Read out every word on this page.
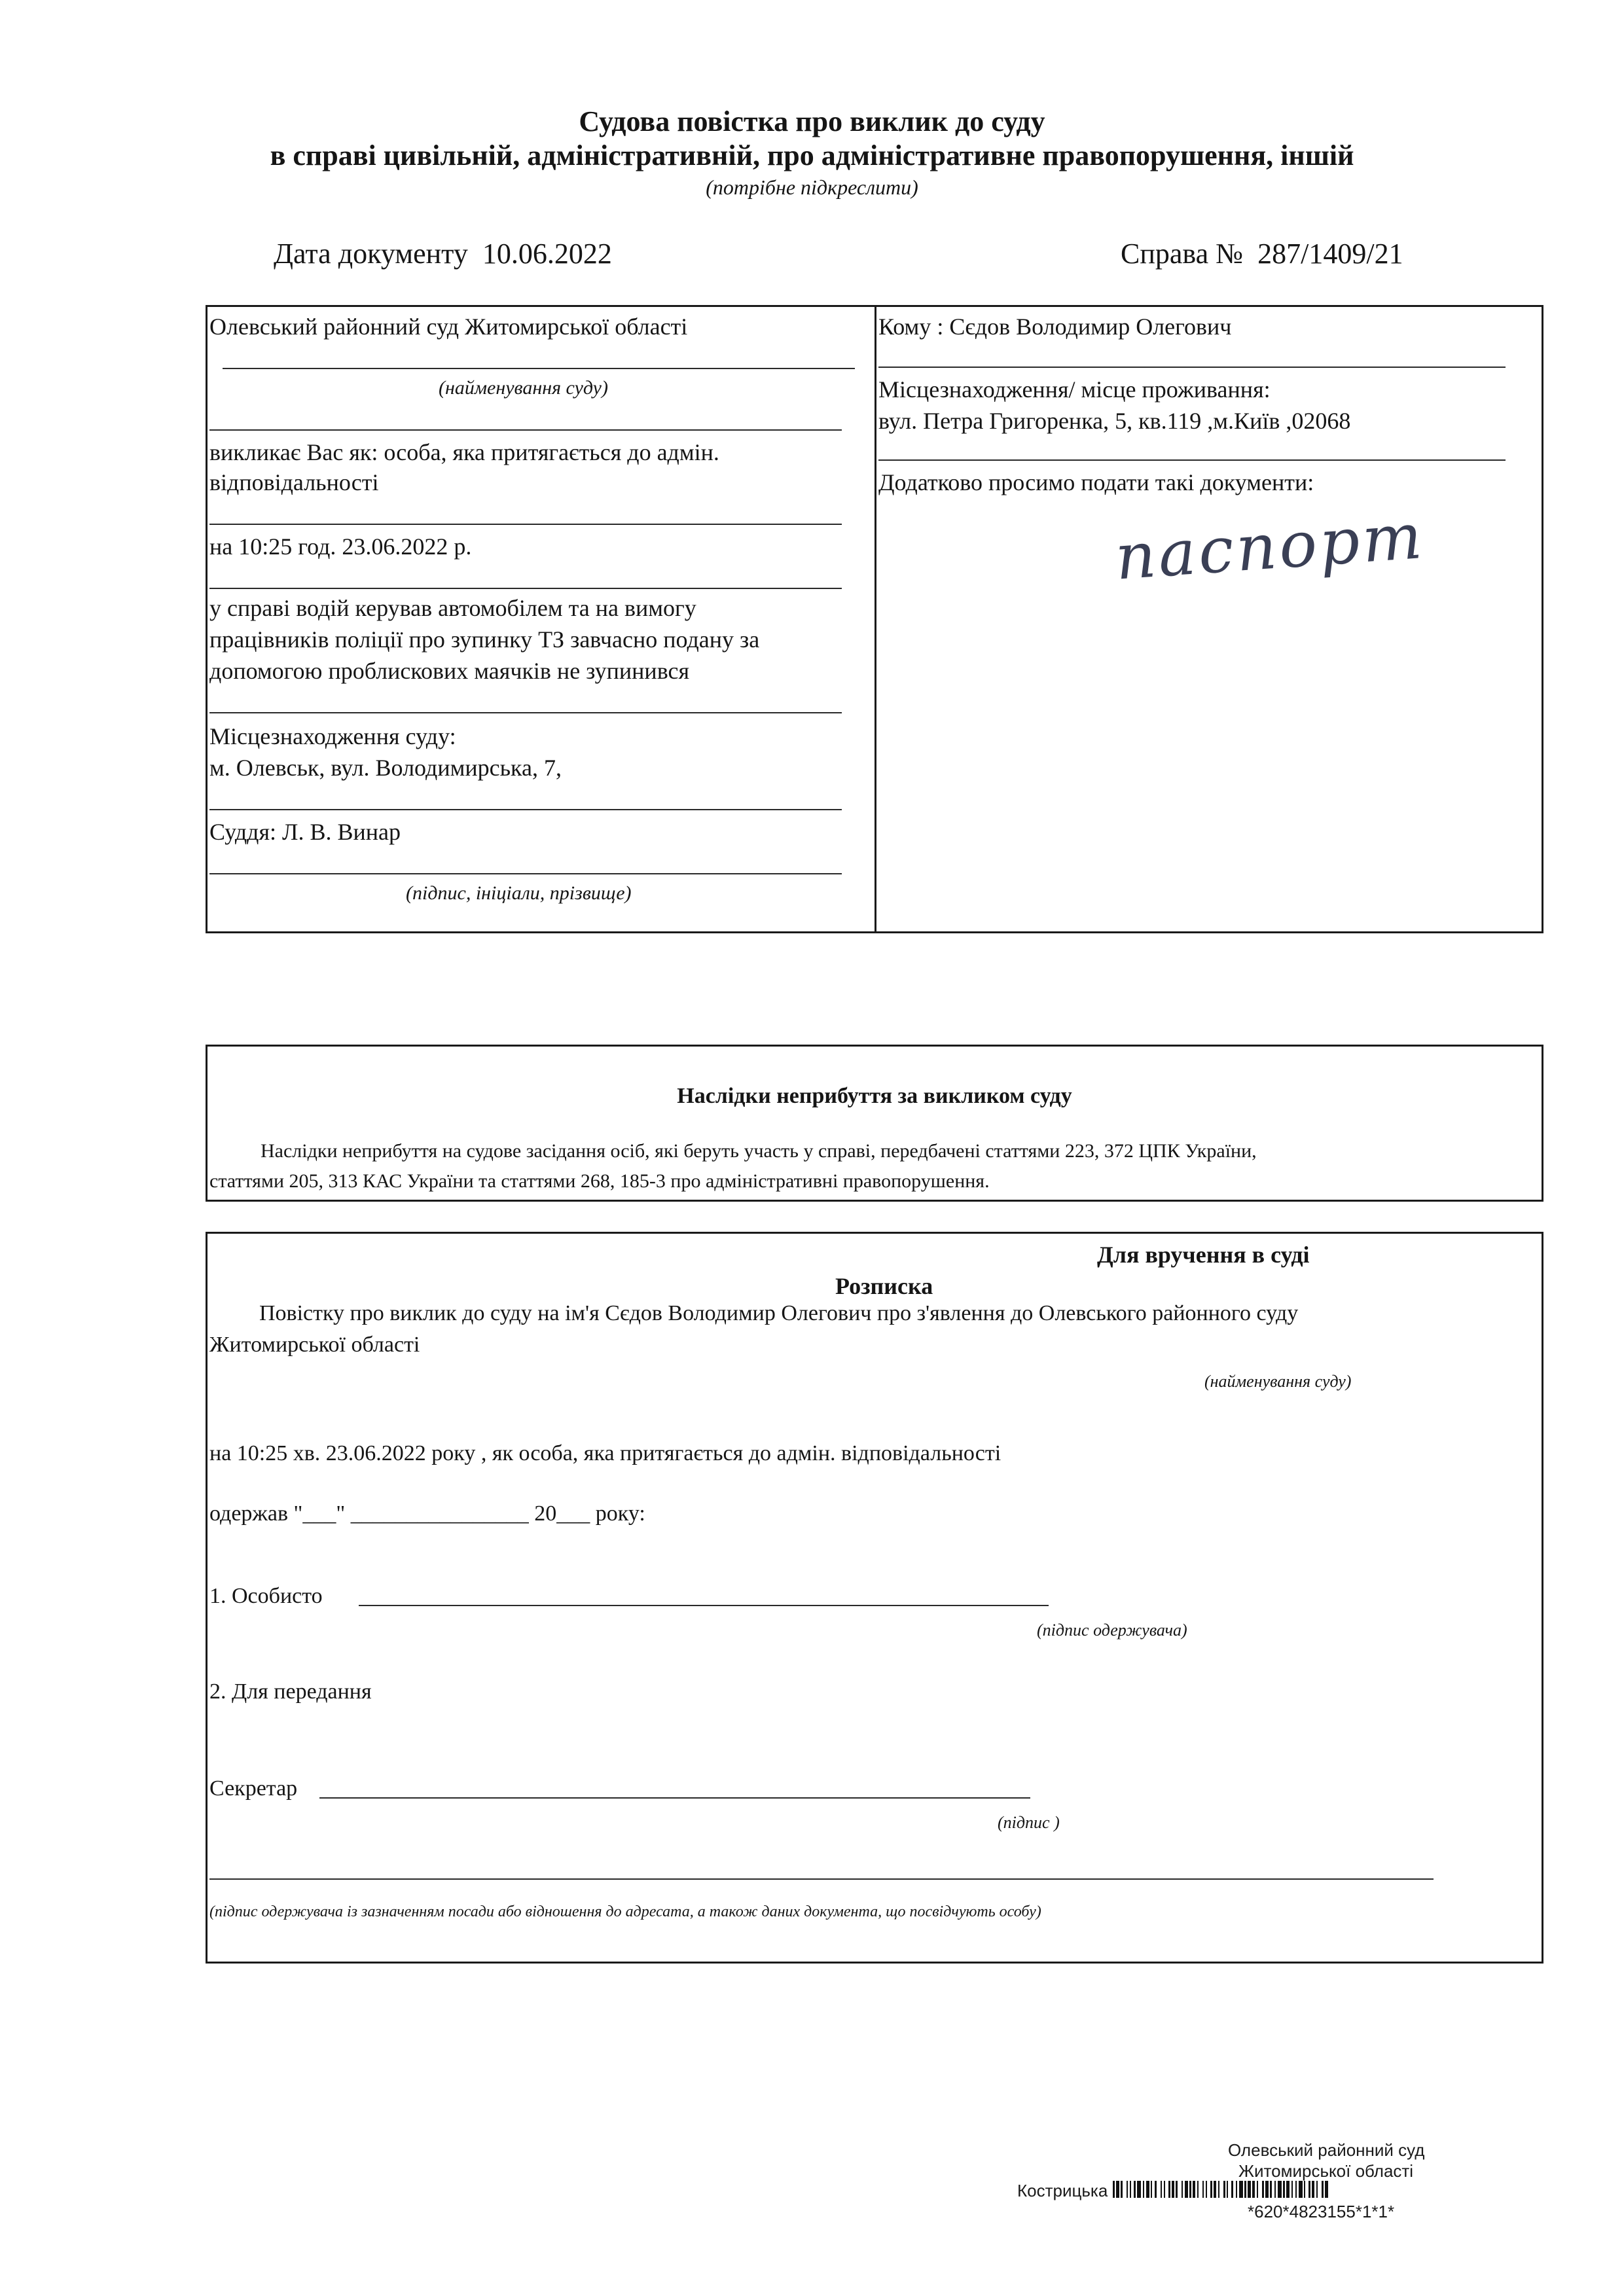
Судова повістка про виклик до суду
в справі цивільній, адміністративній, про адміністративне правопорушення, іншій
(потрібне підкреслити)
Дата документу 10.06.2022	Справа № 287/1409/21
Олевський районний суд Житомирської області
(найменування суду)
викликає Вас як: особа, яка притягається до адмін.
відповідальності
на 10:25 год. 23.06.2022 р.
у справі водій керував автомобілем та на вимогу
працівників поліції про зупинку ТЗ завчасно подану за
допомогою проблискових маячків не зупинився
Місцезнаходження суду:
м. Олевськ, вул. Володимирська, 7,
Суддя: Л. В. Винар
(підпис, ініціали, прізвище)
Кому : Сєдов Володимир Олегович
Місцезнаходження/ місце проживання:
вул. Петра Григоренка, 5, кв.119 ,м.Київ ,02068
Додатково просимо подати такі документи:
паспорт
Наслідки неприбуття за викликом суду
Наслідки неприбуття на судове засідання осіб, які беруть участь у справі, передбачені статтями 223, 372 ЦПК України,
статтями 205, 313 КАС України та статтями 268, 185-3 про адміністративні правопорушення.
Для вручення в суді
Розписка
Повістку про виклик до суду на ім'я Сєдов Володимир Олегович про з'явлення до Олевського районного суду
Житомирської області
(найменування суду)
на 10:25 хв. 23.06.2022 року , як особа, яка притягається до адмін. відповідальності
одержав "___" ________________ 20___ року:
1. Особисто
(підпис одержувача)
2. Для передання
Секретар
(підпис )
(підпис одержувача із зазначенням посади або відношення до адресата, а також даних документа, що посвідчують особу)
Олевський районний суд
Житомирської області
Кострицька
*620*4823155*1*1*
